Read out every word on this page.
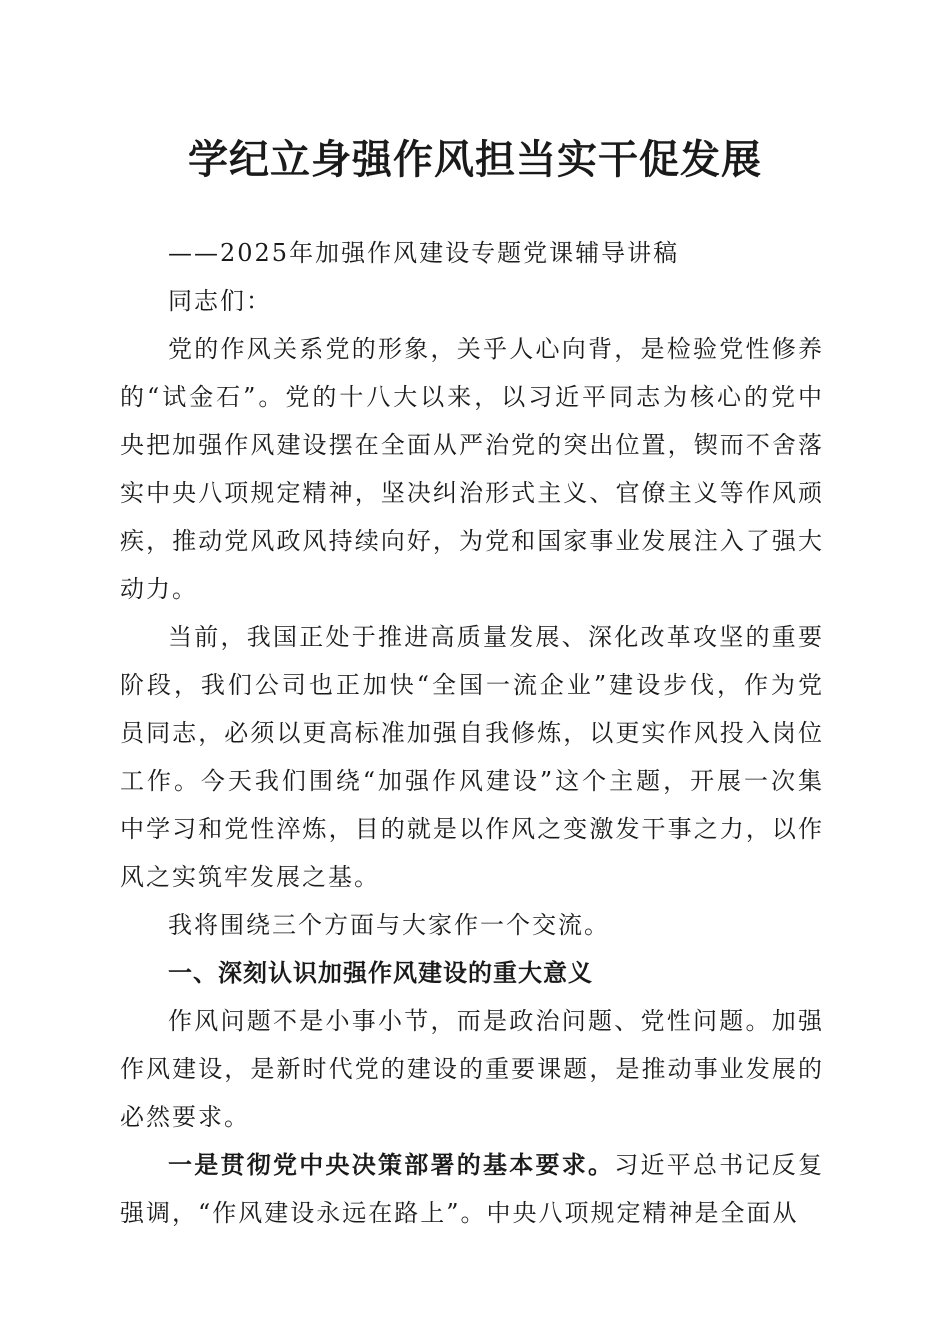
学纪立身强作风担当实干促发展

——2025年加强作风建设专题党课辅导讲稿

同志们：

党的作风关系党的形象，关乎人心向背，是检验党性修养的“试金石”。党的十八大以来，以习近平同志为核心的党中央把加强作风建设摆在全面从严治党的突出位置，锲而不舍落实中央八项规定精神，坚决纠治形式主义、官僚主义等作风顽疾，推动党风政风持续向好，为党和国家事业发展注入了强大动力。

当前，我国正处于推进高质量发展、深化改革攻坚的重要阶段，我们公司也正加快“全国一流企业”建设步伐，作为党员同志，必须以更高标准加强自我修炼，以更实作风投入岗位工作。今天我们围绕“加强作风建设”这个主题，开展一次集中学习和党性淬炼，目的就是以作风之变激发干事之力，以作风之实筑牢发展之基。

我将围绕三个方面与大家作一个交流。

一、深刻认识加强作风建设的重大意义

作风问题不是小事小节，而是政治问题、党性问题。加强作风建设，是新时代党的建设的重要课题，是推动事业发展的必然要求。

一是贯彻党中央决策部署的基本要求。习近平总书记反复强调，“作风建设永远在路上”。中央八项规定精神是全面从
